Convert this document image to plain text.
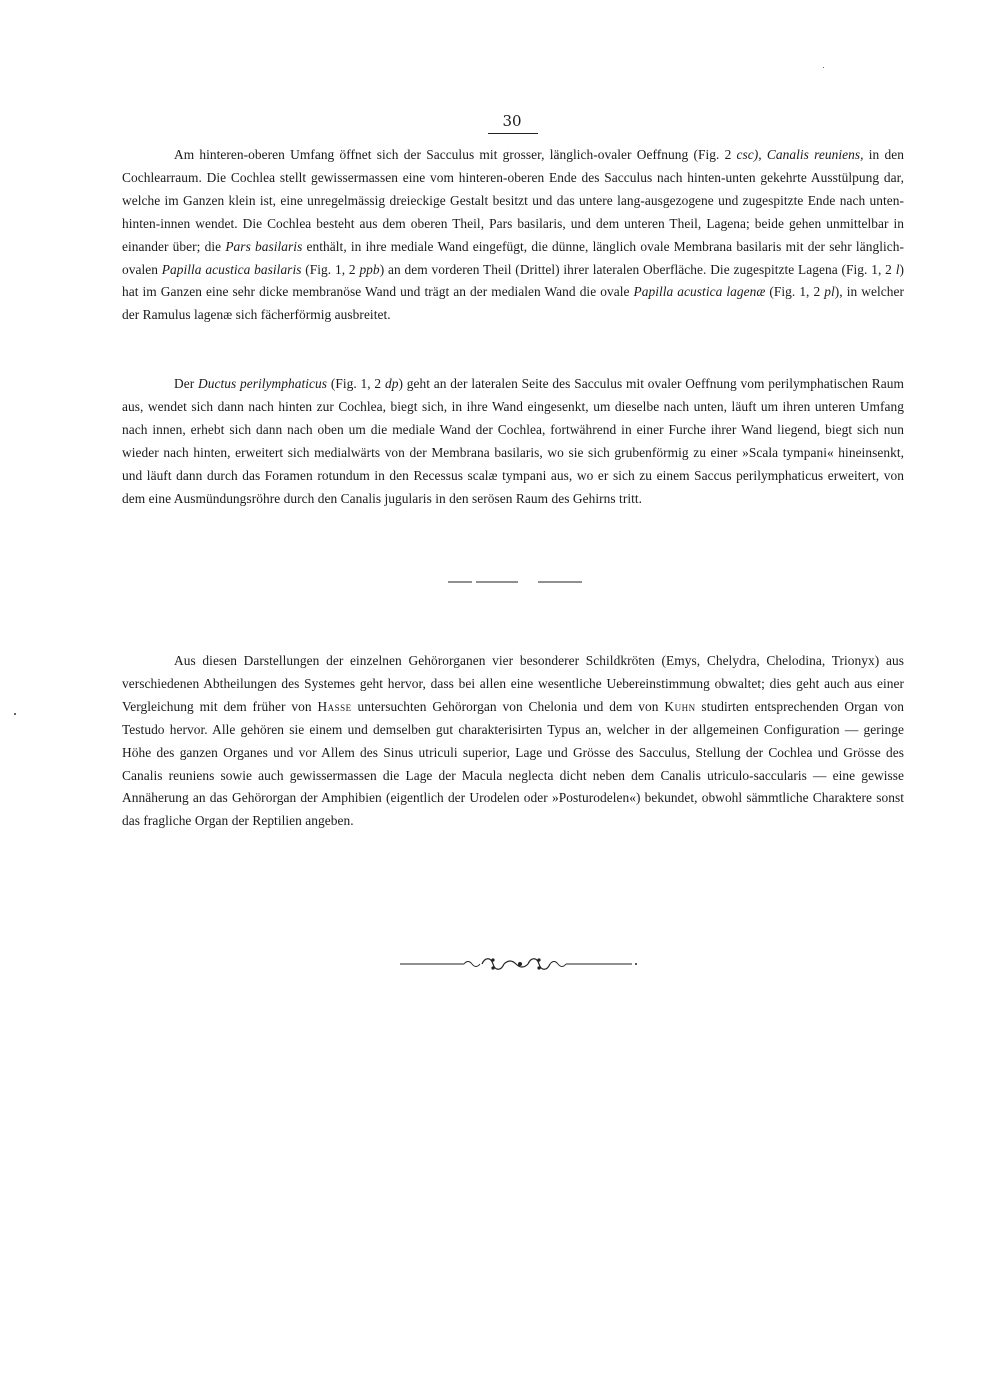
30

Am hinteren-oberen Umfang öffnet sich der Sacculus mit grosser, länglich-ovaler Oeffnung (Fig. 2 csc), Canalis reuniens, in den Cochlearraum. Die Cochlea stellt gewissermassen eine vom hinteren-oberen Ende des Sacculus nach hinten-unten gekehrte Ausstülpung dar, welche im Ganzen klein ist, eine unregelmässig dreieckige Gestalt besitzt und das untere lang-ausgezogene und zugespitzte Ende nach unten-hinten-innen wendet. Die Cochlea besteht aus dem oberen Theil, Pars basilaris, und dem unteren Theil, Lagena; beide gehen unmittelbar in einander über; die Pars basilaris enthält, in ihre mediale Wand eingefügt, die dünne, länglich ovale Membrana basilaris mit der sehr länglich-ovalen Papilla acustica basilaris (Fig. 1, 2 ppb) an dem vorderen Theil (Drittel) ihrer lateralen Oberfläche. Die zugespitzte Lagena (Fig. 1, 2 l) hat im Ganzen eine sehr dicke membranöse Wand und trägt an der medialen Wand die ovale Papilla acustica lagenæ (Fig. 1, 2 pl), in welcher der Ramulus lagenæ sich fächerförmig ausbreitet.

Der Ductus perilymphaticus (Fig. 1, 2 dp) geht an der lateralen Seite des Sacculus mit ovaler Oeffnung vom perilymphatischen Raum aus, wendet sich dann nach hinten zur Cochlea, biegt sich, in ihre Wand eingesenkt, um dieselbe nach unten, läuft um ihren unteren Umfang nach innen, erhebt sich dann nach oben um die mediale Wand der Cochlea, fortwährend in einer Furche ihrer Wand liegend, biegt sich nun wieder nach hinten, erweitert sich medialwärts von der Membrana basilaris, wo sie sich grubenförmig zu einer »Scala tympani« hineinsenkt, und läuft dann durch das Foramen rotundum in den Recessus scalæ tympani aus, wo er sich zu einem Saccus perilymphaticus erweitert, von dem eine Ausmündungsröhre durch den Canalis jugularis in den serösen Raum des Gehirns tritt.

Aus diesen Darstellungen der einzelnen Gehörorganen vier besonderer Schildkröten (Emys, Chelydra, Chelodina, Trionyx) aus verschiedenen Abtheilungen des Systemes geht hervor, dass bei allen eine wesentliche Uebereinstimmung obwaltet; dies geht auch aus einer Vergleichung mit dem früher von Hasse untersuchten Gehörorgan von Chelonia und dem von Kuhn studirten entsprechenden Organ von Testudo hervor. Alle gehören sie einem und demselben gut charakterisirten Typus an, welcher in der allgemeinen Configuration — geringe Höhe des ganzen Organes und vor Allem des Sinus utriculi superior, Lage und Grösse des Sacculus, Stellung der Cochlea und Grösse des Canalis reuniens sowie auch gewissermassen die Lage der Macula neglecta dicht neben dem Canalis utriculo-saccularis — eine gewisse Annäherung an das Gehörorgan der Amphibien (eigentlich der Urodelen oder »Posturodelen«) bekundet, obwohl sämmtliche Charaktere sonst das fragliche Organ der Reptilien angeben.
